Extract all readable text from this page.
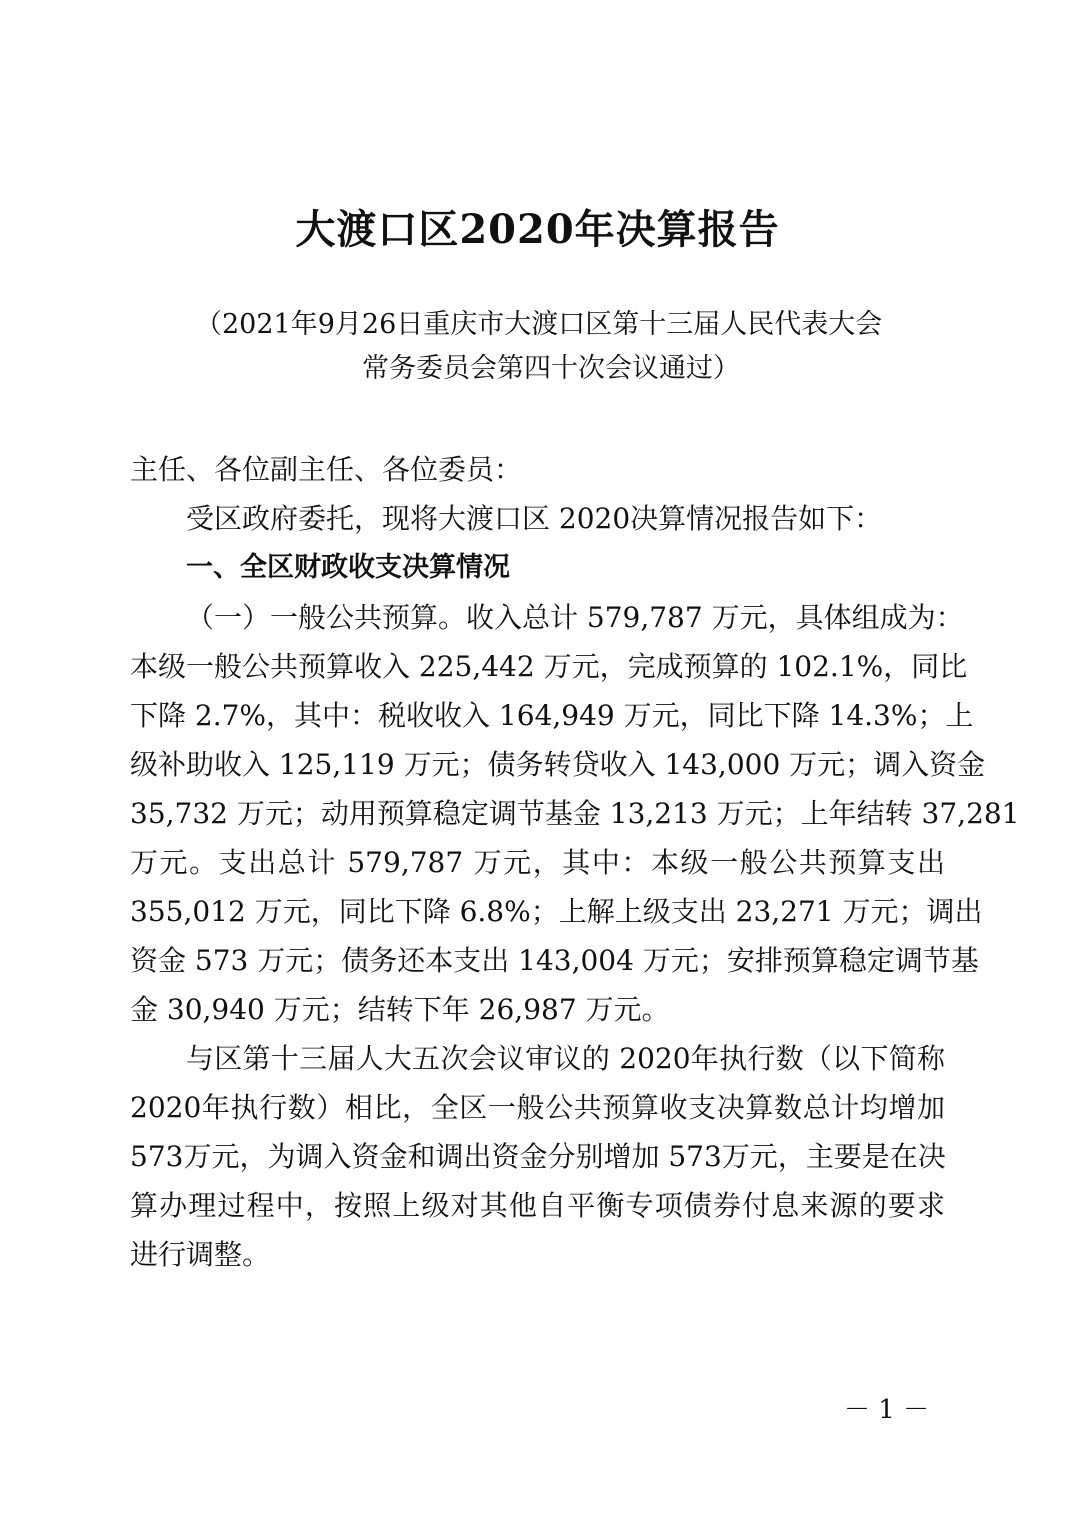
大渡口区2020年决算报告
（2021年9月26日重庆市大渡口区第十三届人民代表大会
常务委员会第四十次会议通过）
主任、各位副主任、各位委员：
受区政府委托，现将大渡口区 2020决算情况报告如下：
一、全区财政收支决算情况
（一）一般公共预算。收入总计 579,787 万元，具体组成为：
本级一般公共预算收入 225,442 万元，完成预算的 102.1%，同比
下降 2.7%，其中：税收收入 164,949 万元，同比下降 14.3%；上
级补助收入 125,119 万元；债务转贷收入 143,000 万元；调入资金
35,732 万元；动用预算稳定调节基金 13,213 万元；上年结转 37,281
万元。支出总计 579,787 万元，其中：本级一般公共预算支出
355,012 万元，同比下降 6.8%；上解上级支出 23,271 万元；调出
资金 573 万元；债务还本支出 143,004 万元；安排预算稳定调节基
金 30,940 万元；结转下年 26,987 万元。
与区第十三届人大五次会议审议的 2020年执行数（以下简称
2020年执行数）相比，全区一般公共预算收支决算数总计均增加
573万元，为调入资金和调出资金分别增加 573万元，主要是在决
算办理过程中，按照上级对其他自平衡专项债券付息来源的要求
进行调整。
－ 1 －
